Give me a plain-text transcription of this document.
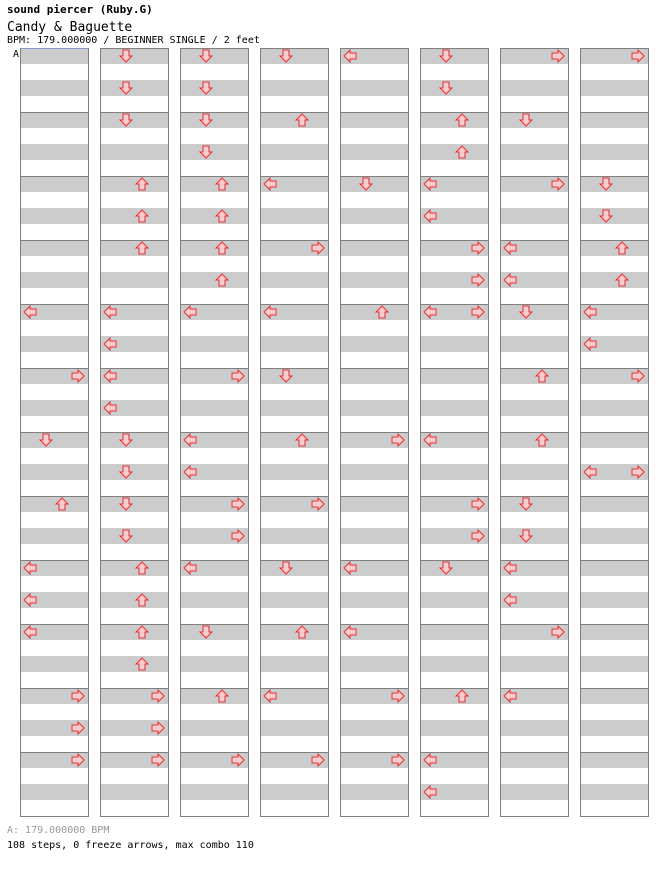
sound piercer (Ruby.G)
Candy & Baguette
BPM: 179.000000 / BEGINNER SINGLE / 2 feet
A
A: 179.000000 BPM
108 steps, 0 freeze arrows, max combo 110
